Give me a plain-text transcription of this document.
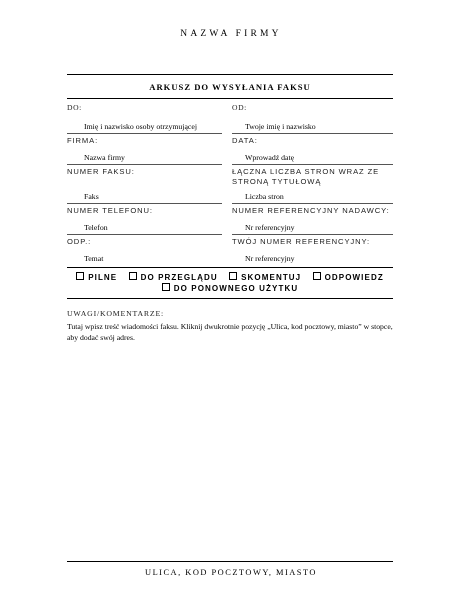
NAZWA FIRMY
ARKUSZ DO WYSYŁANIA FAKSU
DO:	OD:
Imię i nazwisko osoby otrzymującej	Twoje imię i nazwisko
FIRMA:	DATA:
Nazwa firmy	Wprowadź datę
NUMER FAKSU:	ŁĄCZNA LICZBA STRON WRAZ ZE
STRONĄ TYTUŁOWĄ
Faks	Liczba stron
NUMER TELEFONU:	NUMER REFERENCYJNY NADAWCY:
Telefon	Nr referencyjny
ODP.:	TWÓJ NUMER REFERENCYJNY:
Temat	Nr referencyjny
PILNE	DO PRZEGLĄDU	SKOMENTUJ	ODPOWIEDZ DO PONOWNEGO UŻYTKU
UWAGI/KOMENTARZE:
Tutaj wpisz treść wiadomości faksu. Kliknij dwukrotnie pozycję „Ulica, kod pocztowy, miasto” w stopce, aby dodać swój adres.
ULICA, KOD POCZTOWY, MIASTO
